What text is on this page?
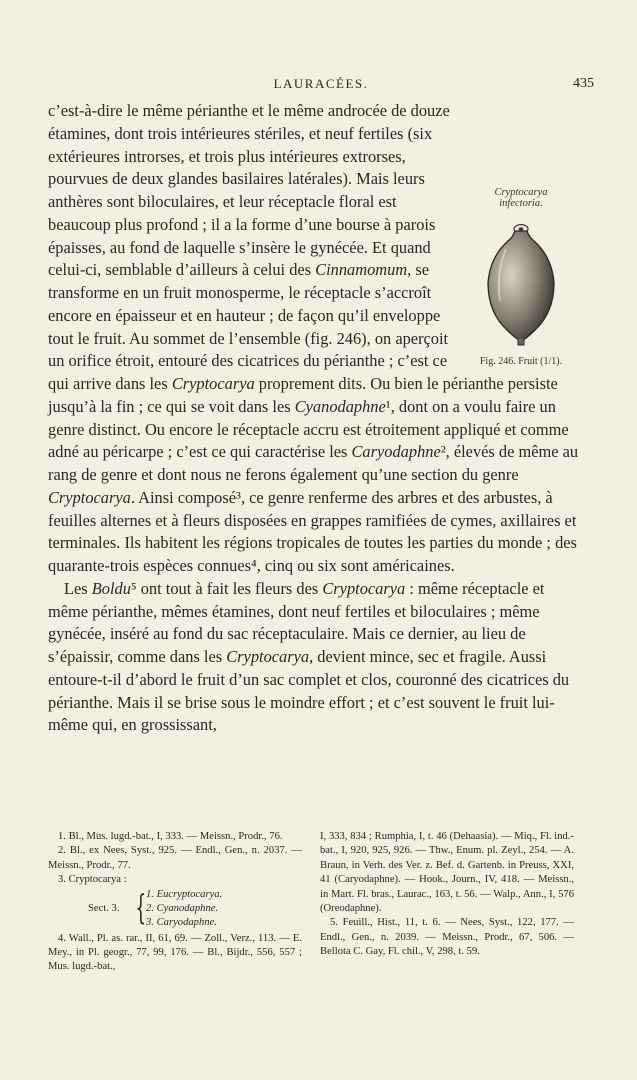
LAURACÉES.	435
Cryptocarya
infectoria.
Fig. 246. Fruit (1/1).

c’est-à-dire le même périanthe et le même androcée de douze étamines, dont trois intérieures stériles, et neuf fertiles (six extérieures introrses, et trois plus intérieures extrorses, pourvues de deux glandes basilaires latérales). Mais leurs anthères sont biloculaires, et leur réceptacle floral est beaucoup plus profond ; il a la forme d’une bourse à parois épaisses, au fond de laquelle s’insère le gynécée. Et quand celui-ci, semblable d’ailleurs à celui des Cinnamomum, se transforme en un fruit monosperme, le réceptacle s’accroît encore en épaisseur et en hauteur ; de façon qu’il enveloppe tout le fruit. Au sommet de l’ensemble (fig. 246), on aperçoit un orifice étroit, entouré des cicatrices du périanthe ; c’est ce qui arrive dans les Cryptocarya proprement dits. Ou bien le périanthe persiste jusqu’à la fin ; ce qui se voit dans les Cyanodaphne¹, dont on a voulu faire un genre distinct. Ou encore le réceptacle accru est étroitement appliqué et comme adné au péricarpe ; c’est ce qui caractérise les Caryodaphne², élevés de même au rang de genre et dont nous ne ferons également qu’une section du genre Cryptocarya. Ainsi composé³, ce genre renferme des arbres et des arbustes, à feuilles alternes et à fleurs disposées en grappes ramifiées de cymes, axillaires et terminales. Ils habitent les régions tropicales de toutes les parties du monde ; des quarante-trois espèces connues⁴, cinq ou six sont américaines.

Les Boldu⁵ ont tout à fait les fleurs des Cryptocarya : même réceptacle et même périanthe, mêmes étamines, dont neuf fertiles et biloculaires ; même gynécée, inséré au fond du sac réceptaculaire. Mais ce dernier, au lieu de s’épaissir, comme dans les Cryptocarya, devient mince, sec et fragile. Aussi entoure-t-il d’abord le fruit d’un sac complet et clos, couronné des cicatrices du périanthe. Mais il se brise sous le moindre effort ; et c’est souvent le fruit lui-même qui, en grossissant,

1. Bl., Mus. lugd.-bat., I, 333. — Meissn., Prodr., 76.

2. Bl., ex Nees, Syst., 925. — Endl., Gen., n. 2037. — Meissn., Prodr., 77.

3. Cryptocarya :

Sect. 3. { 1. Eucryptocarya.
2. Cyanodaphne.
3. Caryodaphne.

4. Wall., Pl. as. rar., II, 61, 69. — Zoll., Verz., 113. — E. Mey., in Pl. geogr., 77, 99, 176. — Bl., Bijdr., 556, 557 ; Mus. lugd.-bat.,

I, 333, 834 ; Rumphia, I, t. 46 (Dehaasia). — Miq., Fl. ind.-bat., I, 920, 925, 926. — Thw., Enum. pl. Zeyl., 254. — A. Braun, in Verh. des Ver. z. Bef. d. Gartenb. in Preuss, XXI, 41 (Caryodaphne). — Hook., Journ., IV, 418. — Meissn., in Mart. Fl. bras., Laurac., 163, t. 56. — Walp., Ann., I, 576 (Oreodaphne).

5. Feuill., Hist., 11, t. 6. — Nees, Syst., 122, 177. — Endl., Gen., n. 2039. — Meissn., Prodr., 67, 506. — Bellota C. Gay, Fl. chil., V, 298, t. 59.
